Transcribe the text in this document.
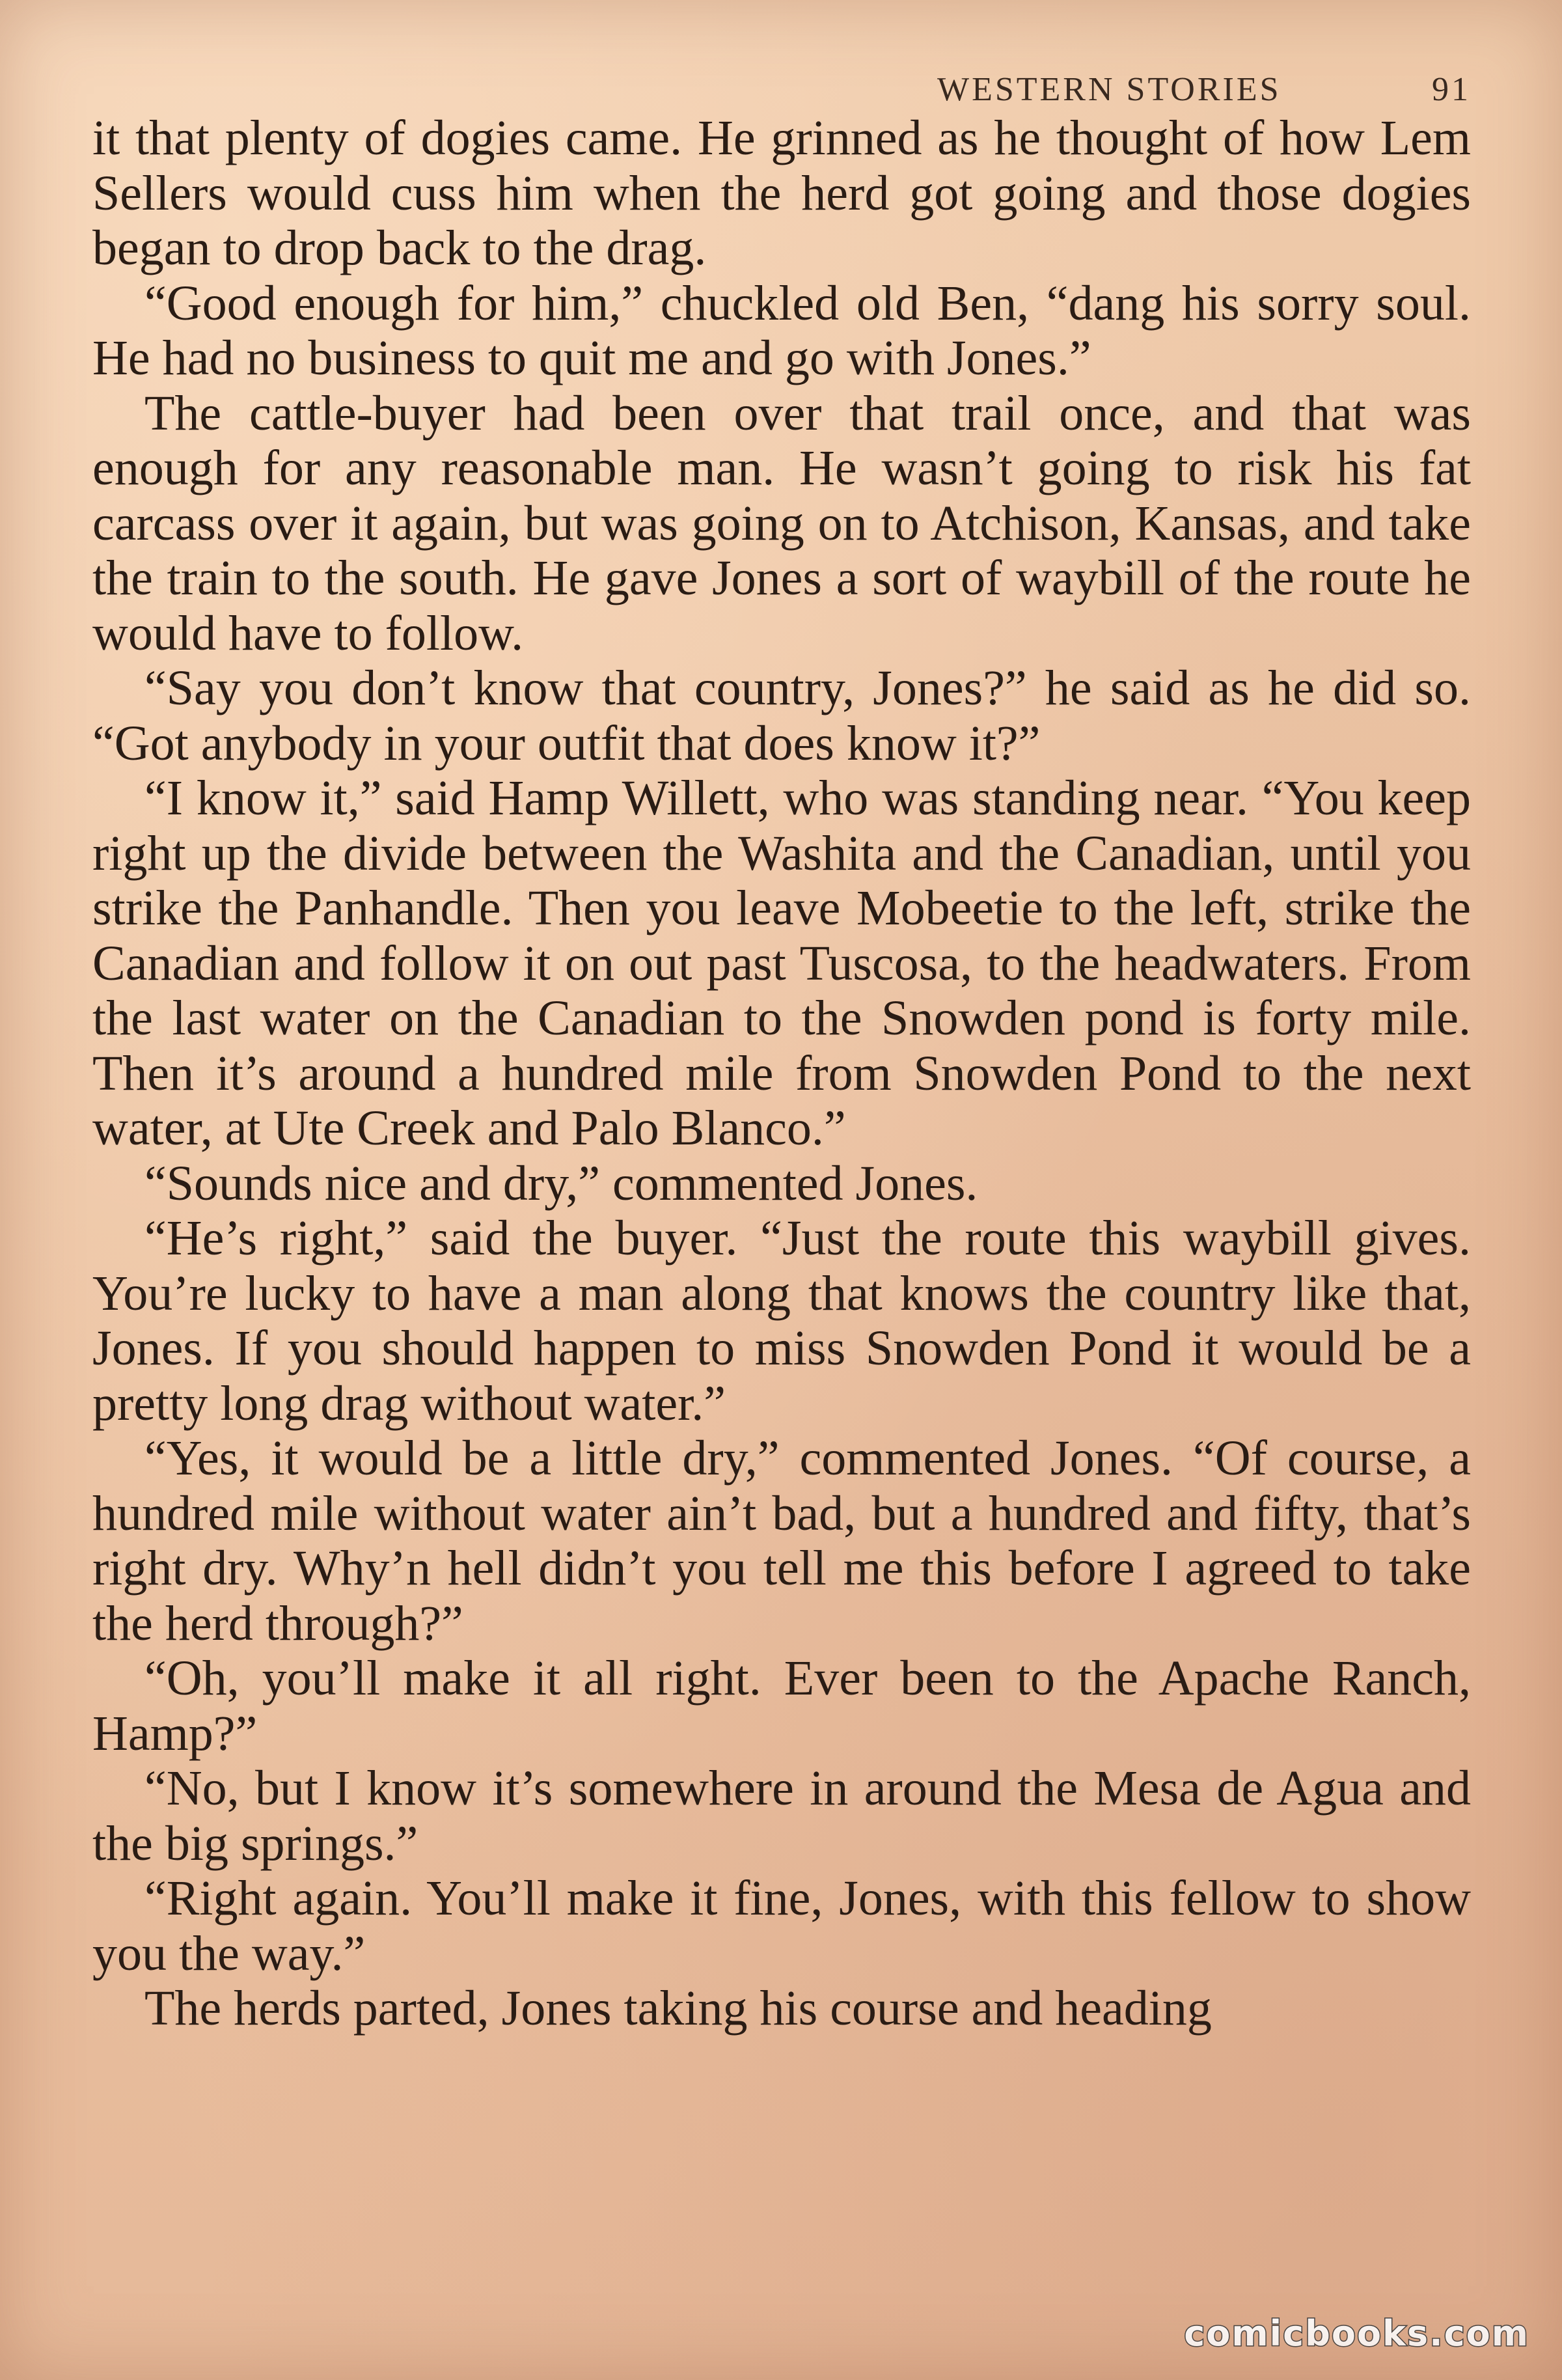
WESTERN STORIES	91

it that plenty of dogies came. He grinned as he thought of how Lem Sellers would cuss him when the herd got going and those dogies began to drop back to the drag.

“Good enough for him,” chuckled old Ben, “dang his sorry soul. He had no business to quit me and go with Jones.”

The cattle-buyer had been over that trail once, and that was enough for any reasonable man. He wasn’t going to risk his fat carcass over it again, but was going on to Atchison, Kansas, and take the train to the south. He gave Jones a sort of waybill of the route he would have to follow.

“Say you don’t know that country, Jones?” he said as he did so. “Got anybody in your outfit that does know it?”

“I know it,” said Hamp Willett, who was standing near. “You keep right up the divide between the Washita and the Canadian, until you strike the Panhandle. Then you leave Mobeetie to the left, strike the Canadian and follow it on out past Tuscosa, to the headwaters. From the last water on the Canadian to the Snowden pond is forty mile. Then it’s around a hundred mile from Snowden Pond to the next water, at Ute Creek and Palo Blanco.”

“Sounds nice and dry,” commented Jones.

“He’s right,” said the buyer. “Just the route this waybill gives. You’re lucky to have a man along that knows the country like that, Jones. If you should happen to miss Snowden Pond it would be a pretty long drag without water.”

“Yes, it would be a little dry,” commented Jones. “Of course, a hundred mile without water ain’t bad, but a hundred and fifty, that’s right dry. Why’n hell didn’t you tell me this before I agreed to take the herd through?”

“Oh, you’ll make it all right. Ever been to the Apache Ranch, Hamp?”

“No, but I know it’s somewhere in around the Mesa de Agua and the big springs.”

“Right again. You’ll make it fine, Jones, with this fellow to show you the way.”

The herds parted, Jones taking his course and heading

comicbooks.com
